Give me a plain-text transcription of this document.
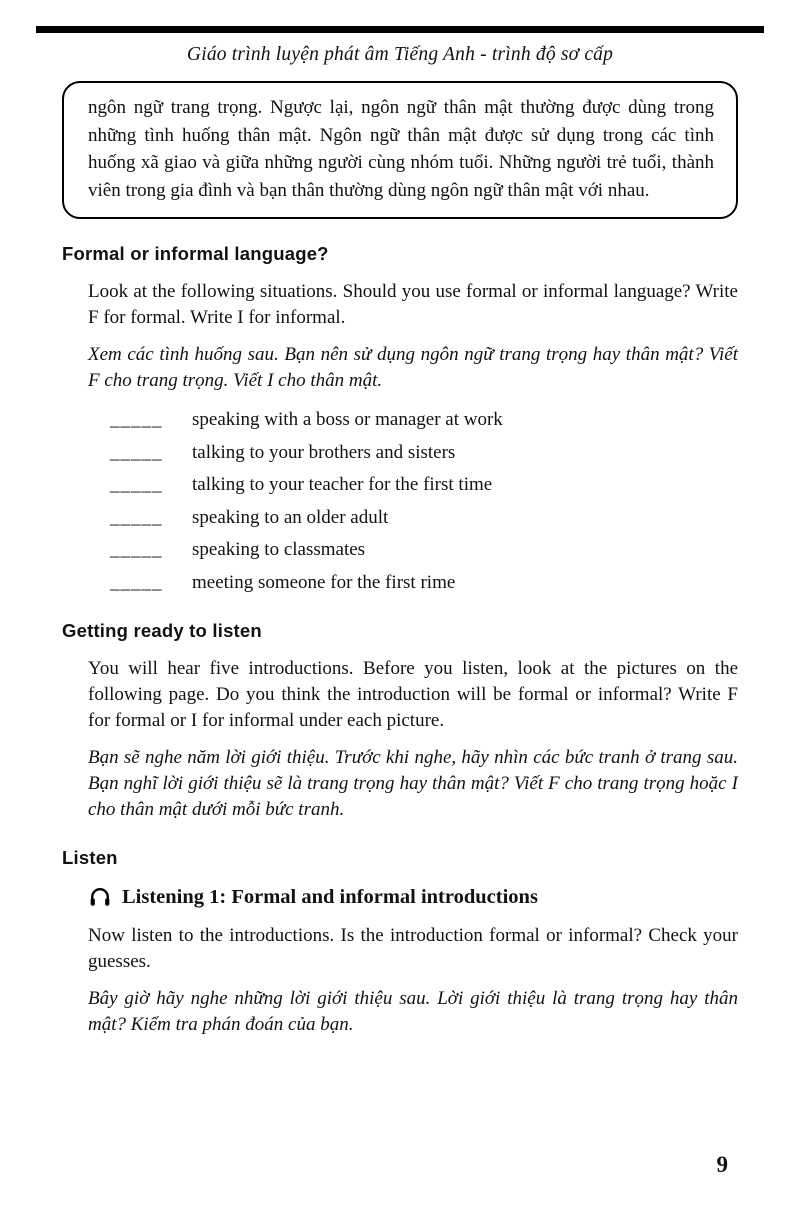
Giáo trình luyện phát âm Tiếng Anh - trình độ sơ cấp

ngôn ngữ trang trọng. Ngược lại, ngôn ngữ thân mật thường được dùng trong những tình huống thân mật. Ngôn ngữ thân mật được sử dụng trong các tình huống xã giao và giữa những người cùng nhóm tuổi. Những người trẻ tuổi, thành viên trong gia đình và bạn thân thường dùng ngôn ngữ thân mật với nhau.

Formal or informal language?

Look at the following situations. Should you use formal or informal language? Write F for formal. Write I for informal.

Xem các tình huống sau. Bạn nên sử dụng ngôn ngữ trang trọng hay thân mật? Viết F cho trang trọng. Viết I cho thân mật.

_____ speaking with a boss or manager at work
_____ talking to your brothers and sisters
_____ talking to your teacher for the first time
_____ speaking to an older adult
_____ speaking to classmates
_____ meeting someone for the first rime
Getting ready to listen

You will hear five introductions. Before you listen, look at the pictures on the following page. Do you think the introduction will be formal or informal? Write F for formal or I for informal under each picture.

Bạn sẽ nghe năm lời giới thiệu. Trước khi nghe, hãy nhìn các bức tranh ở trang sau. Bạn nghĩ lời giới thiệu sẽ là trang trọng hay thân mật? Viết F cho trang trọng hoặc I cho thân mật dưới mỗi bức tranh.

Listen
Listening 1: Formal and informal introductions

Now listen to the introductions. Is the introduction formal or informal? Check your guesses.

Bây giờ hãy nghe những lời giới thiệu sau. Lời giới thiệu là trang trọng hay thân mật? Kiểm tra phán đoán của bạn.

9
